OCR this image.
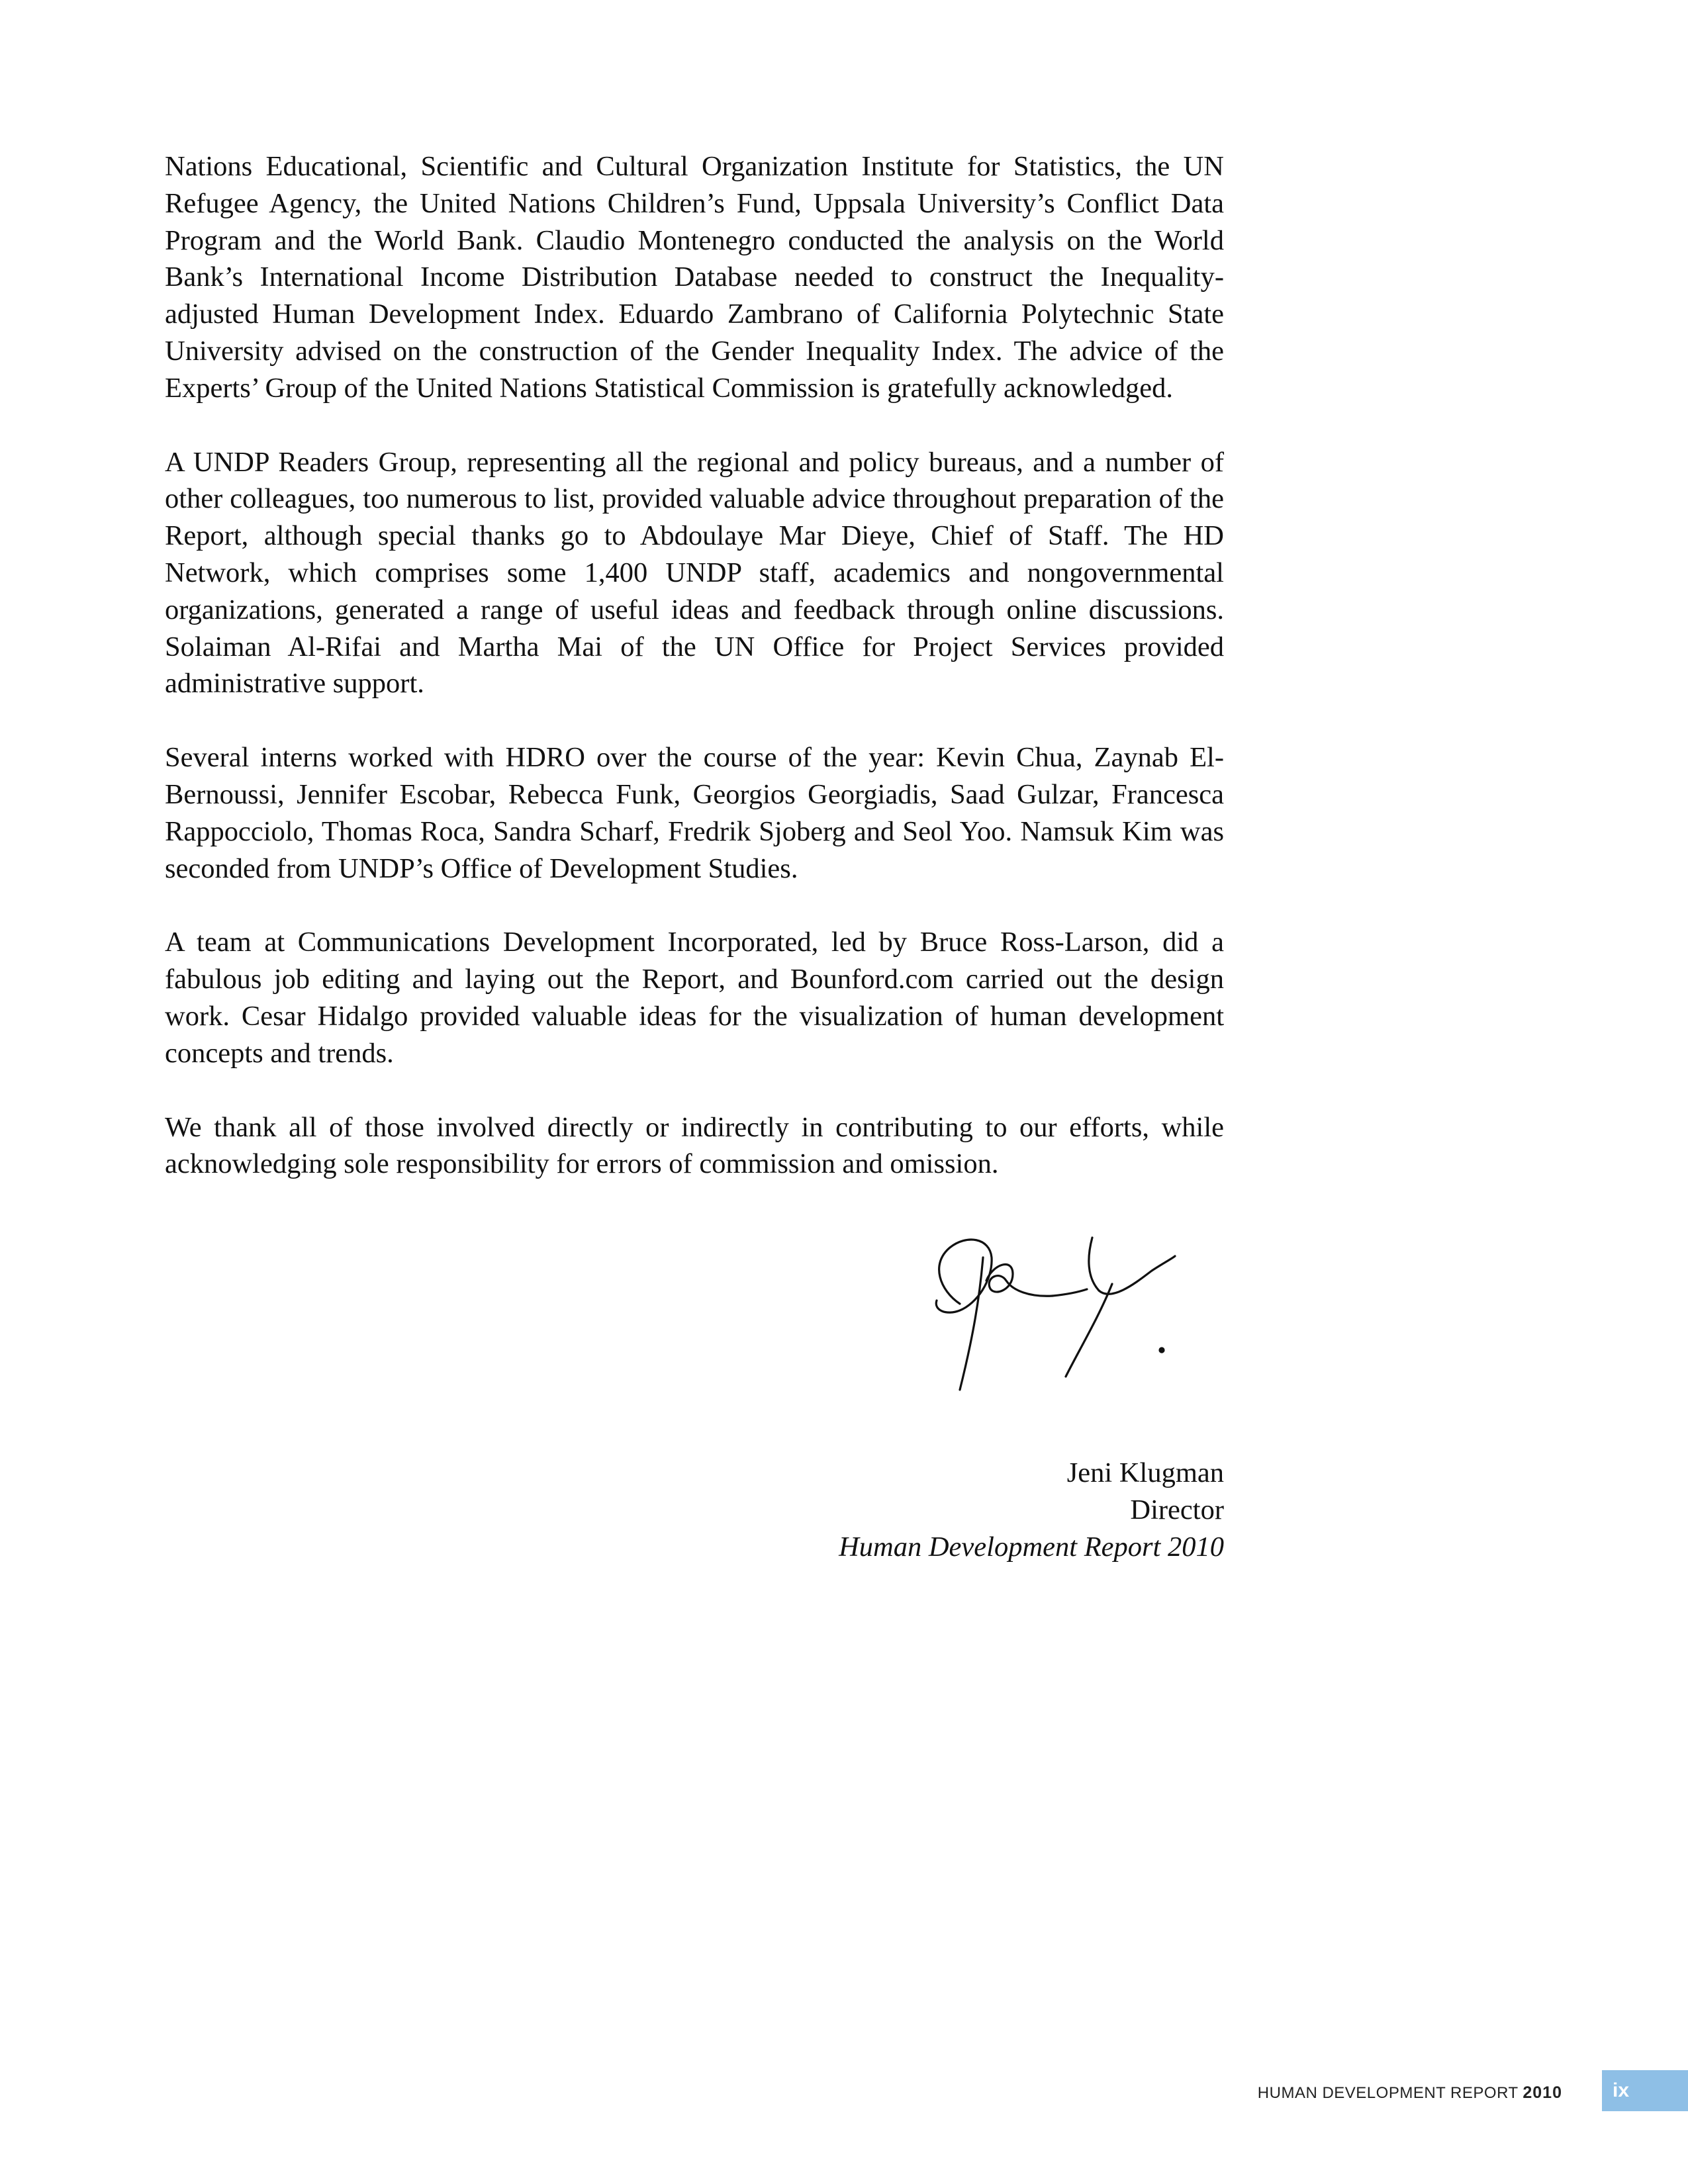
Nations Educational, Scientific and Cultural Organization Institute for Statistics, the UN Refugee Agency, the United Nations Children’s Fund, Uppsala University’s Conflict Data Program and the World Bank. Claudio Montenegro conducted the analysis on the World Bank’s International Income Distribution Database needed to construct the Inequality-adjusted Human Development Index. Eduardo Zambrano of California Polytechnic State University advised on the construction of the Gender Inequality Index. The advice of the Experts’ Group of the United Nations Statistical Commission is gratefully acknowledged.

A UNDP Readers Group, representing all the regional and policy bureaus, and a number of other colleagues, too numerous to list, provided valuable advice throughout preparation of the Report, although special thanks go to Abdoulaye Mar Dieye, Chief of Staff. The HD Network, which comprises some 1,400 UNDP staff, academics and nongovernmental organizations, generated a range of useful ideas and feedback through online discussions. Solaiman Al-Rifai and Martha Mai of the UN Office for Project Services provided administrative support.

Several interns worked with HDRO over the course of the year: Kevin Chua, Zaynab El-Bernoussi, Jennifer Escobar, Rebecca Funk, Georgios Georgiadis, Saad Gulzar, Francesca Rappocciolo, Thomas Roca, Sandra Scharf, Fredrik Sjoberg and Seol Yoo. Namsuk Kim was seconded from UNDP’s Office of Development Studies.

A team at Communications Development Incorporated, led by Bruce Ross-Larson, did a fabulous job editing and laying out the Report, and Bounford.com carried out the design work. Cesar Hidalgo provided valuable ideas for the visualization of human development concepts and trends.

We thank all of those involved directly or indirectly in contributing to our efforts, while acknowledging sole responsibility for errors of commission and omission.

Jeni Klugman
Director
Human Development Report 2010
HUMAN DEVELOPMENT REPORT 2010	ix
